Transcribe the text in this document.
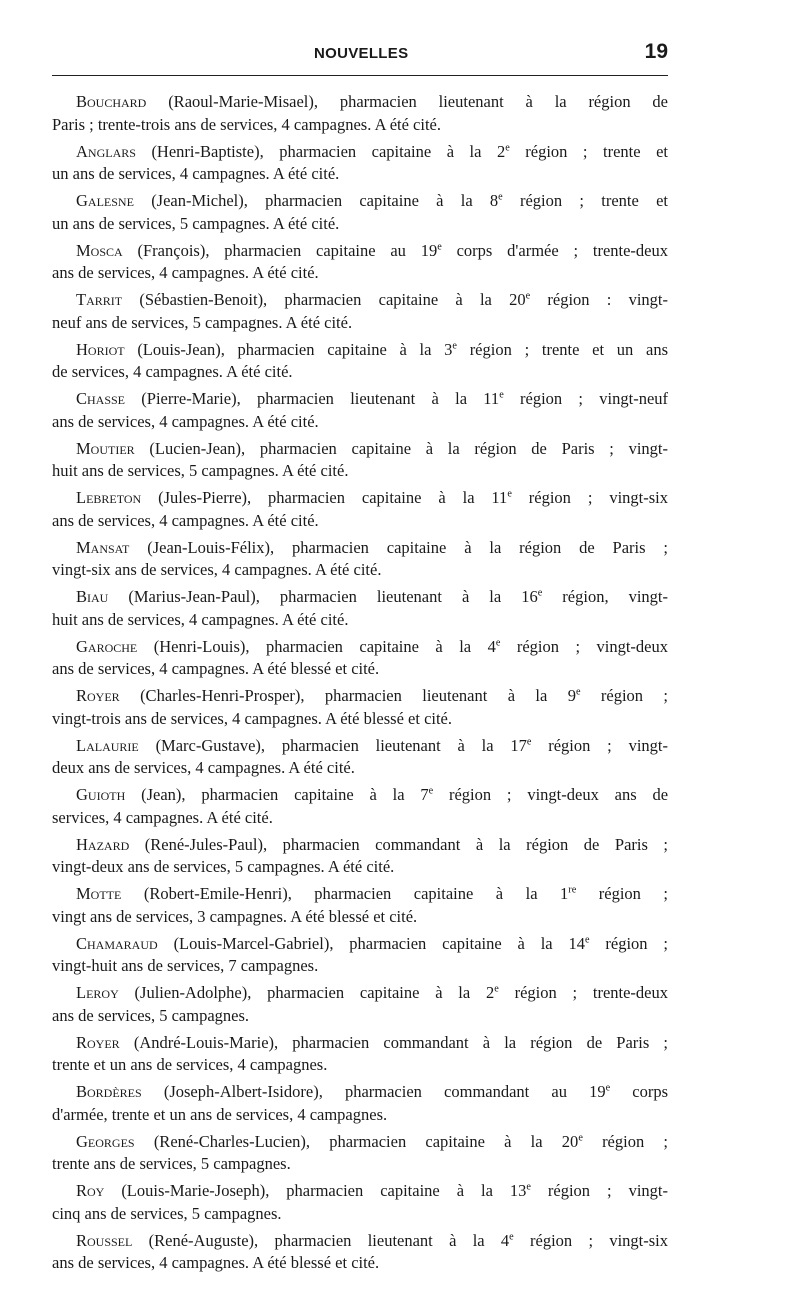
NOUVELLES	19
Bouchard (Raoul-Marie-Misael), pharmacien lieutenant à la région de
Paris ; trente-trois ans de services, 4 campagnes. A été cité.
Anglars (Henri-Baptiste), pharmacien capitaine à la 2e région ; trente et
un ans de services, 4 campagnes. A été cité.
Galesne (Jean-Michel), pharmacien capitaine à la 8e région ; trente et
un ans de services, 5 campagnes. A été cité.
Mosca (François), pharmacien capitaine au 19e corps d'armée ; trente-deux
ans de services, 4 campagnes. A été cité.
Tarrit (Sébastien-Benoit), pharmacien capitaine à la 20e région : vingt-
neuf ans de services, 5 campagnes. A été cité.
Horiot (Louis-Jean), pharmacien capitaine à la 3e région ; trente et un ans
de services, 4 campagnes. A été cité.
Chasse (Pierre-Marie), pharmacien lieutenant à la 11e région ; vingt-neuf
ans de services, 4 campagnes. A été cité.
Moutier (Lucien-Jean), pharmacien capitaine à la région de Paris ; vingt-
huit ans de services, 5 campagnes. A été cité.
Lebreton (Jules-Pierre), pharmacien capitaine à la 11e région ; vingt-six
ans de services, 4 campagnes. A été cité.
Mansat (Jean-Louis-Félix), pharmacien capitaine à la région de Paris ;
vingt-six ans de services, 4 campagnes. A été cité.
Biau (Marius-Jean-Paul), pharmacien lieutenant à la 16e région, vingt-
huit ans de services, 4 campagnes. A été cité.
Garoche (Henri-Louis), pharmacien capitaine à la 4e région ; vingt-deux
ans de services, 4 campagnes. A été blessé et cité.
Royer (Charles-Henri-Prosper), pharmacien lieutenant à la 9e région ;
vingt-trois ans de services, 4 campagnes. A été blessé et cité.
Lalaurie (Marc-Gustave), pharmacien lieutenant à la 17e région ; vingt-
deux ans de services, 4 campagnes. A été cité.
Guioth (Jean), pharmacien capitaine à la 7e région ; vingt-deux ans de
services, 4 campagnes. A été cité.
Hazard (René-Jules-Paul), pharmacien commandant à la région de Paris ;
vingt-deux ans de services, 5 campagnes. A été cité.
Motte (Robert-Emile-Henri), pharmacien capitaine à la 1re région ;
vingt ans de services, 3 campagnes. A été blessé et cité.
Chamaraud (Louis-Marcel-Gabriel), pharmacien capitaine à la 14e région ;
vingt-huit ans de services, 7 campagnes.
Leroy (Julien-Adolphe), pharmacien capitaine à la 2e région ; trente-deux
ans de services, 5 campagnes.
Royer (André-Louis-Marie), pharmacien commandant à la région de Paris ;
trente et un ans de services, 4 campagnes.
Bordères (Joseph-Albert-Isidore), pharmacien commandant au 19e corps
d'armée, trente et un ans de services, 4 campagnes.
Georges (René-Charles-Lucien), pharmacien capitaine à la 20e région ;
trente ans de services, 5 campagnes.
Roy (Louis-Marie-Joseph), pharmacien capitaine à la 13e région ; vingt-
cinq ans de services, 5 campagnes.
Roussel (René-Auguste), pharmacien lieutenant à la 4e région ; vingt-six
ans de services, 4 campagnes. A été blessé et cité.
